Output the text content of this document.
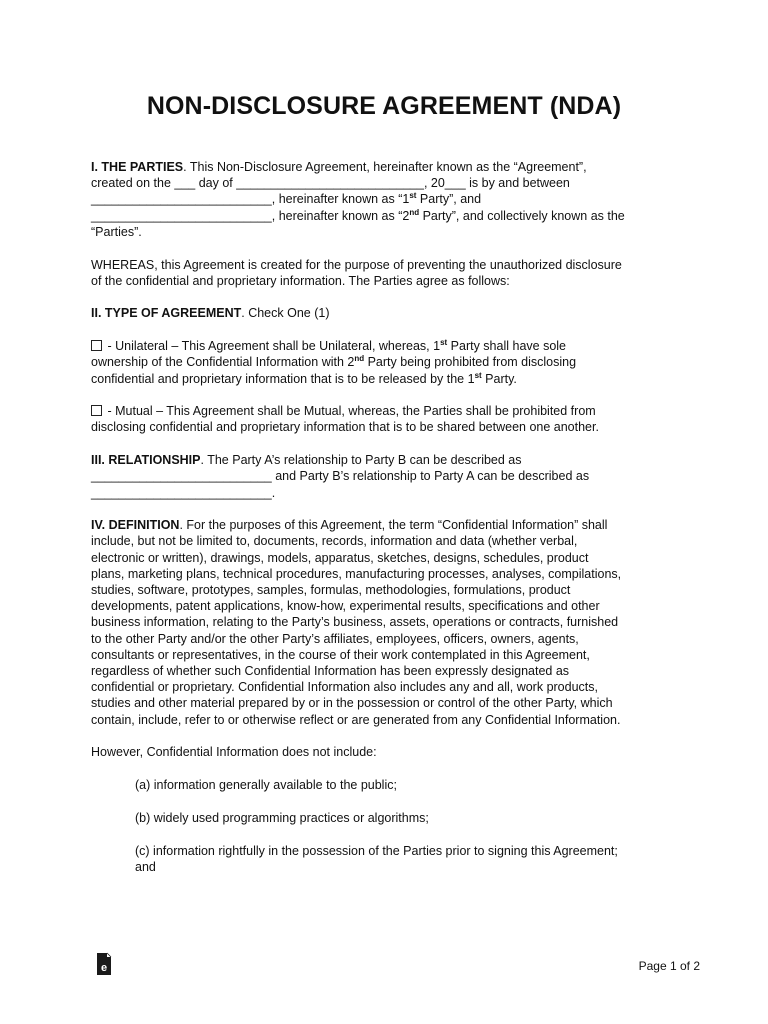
NON-DISCLOSURE AGREEMENT (NDA)

I. THE PARTIES. This Non-Disclosure Agreement, hereinafter known as the “Agreement”,

created on the ___ day of ___________________________, 20___ is by and between

__________________________, hereinafter known as “1st Party”, and

__________________________, hereinafter known as “2nd Party”, and collectively known as the

“Parties”.

WHEREAS, this Agreement is created for the purpose of preventing the unauthorized disclosure

of the confidential and proprietary information. The Parties agree as follows:

II. TYPE OF AGREEMENT. Check One (1)

- Unilateral – This Agreement shall be Unilateral, whereas, 1st Party shall have sole

ownership of the Confidential Information with 2nd Party being prohibited from disclosing

confidential and proprietary information that is to be released by the 1st Party.

- Mutual – This Agreement shall be Mutual, whereas, the Parties shall be prohibited from

disclosing confidential and proprietary information that is to be shared between one another.

III. RELATIONSHIP. The Party A’s relationship to Party B can be described as

__________________________ and Party B’s relationship to Party A can be described as

__________________________.

IV. DEFINITION. For the purposes of this Agreement, the term “Confidential Information” shall

include, but not be limited to, documents, records, information and data (whether verbal,

electronic or written), drawings, models, apparatus, sketches, designs, schedules, product

plans, marketing plans, technical procedures, manufacturing processes, analyses, compilations,

studies, software, prototypes, samples, formulas, methodologies, formulations, product

developments, patent applications, know-how, experimental results, specifications and other

business information, relating to the Party’s business, assets, operations or contracts, furnished

to the other Party and/or the other Party’s affiliates, employees, officers, owners, agents,

consultants or representatives, in the course of their work contemplated in this Agreement,

regardless of whether such Confidential Information has been expressly designated as

confidential or proprietary. Confidential Information also includes any and all, work products,

studies and other material prepared by or in the possession or control of the other Party, which

contain, include, refer to or otherwise reflect or are generated from any Confidential Information.

However, Confidential Information does not include:

(a) information generally available to the public;

(b) widely used programming practices or algorithms;

(c) information rightfully in the possession of the Parties prior to signing this Agreement;

and

e	Page 1 of 2
